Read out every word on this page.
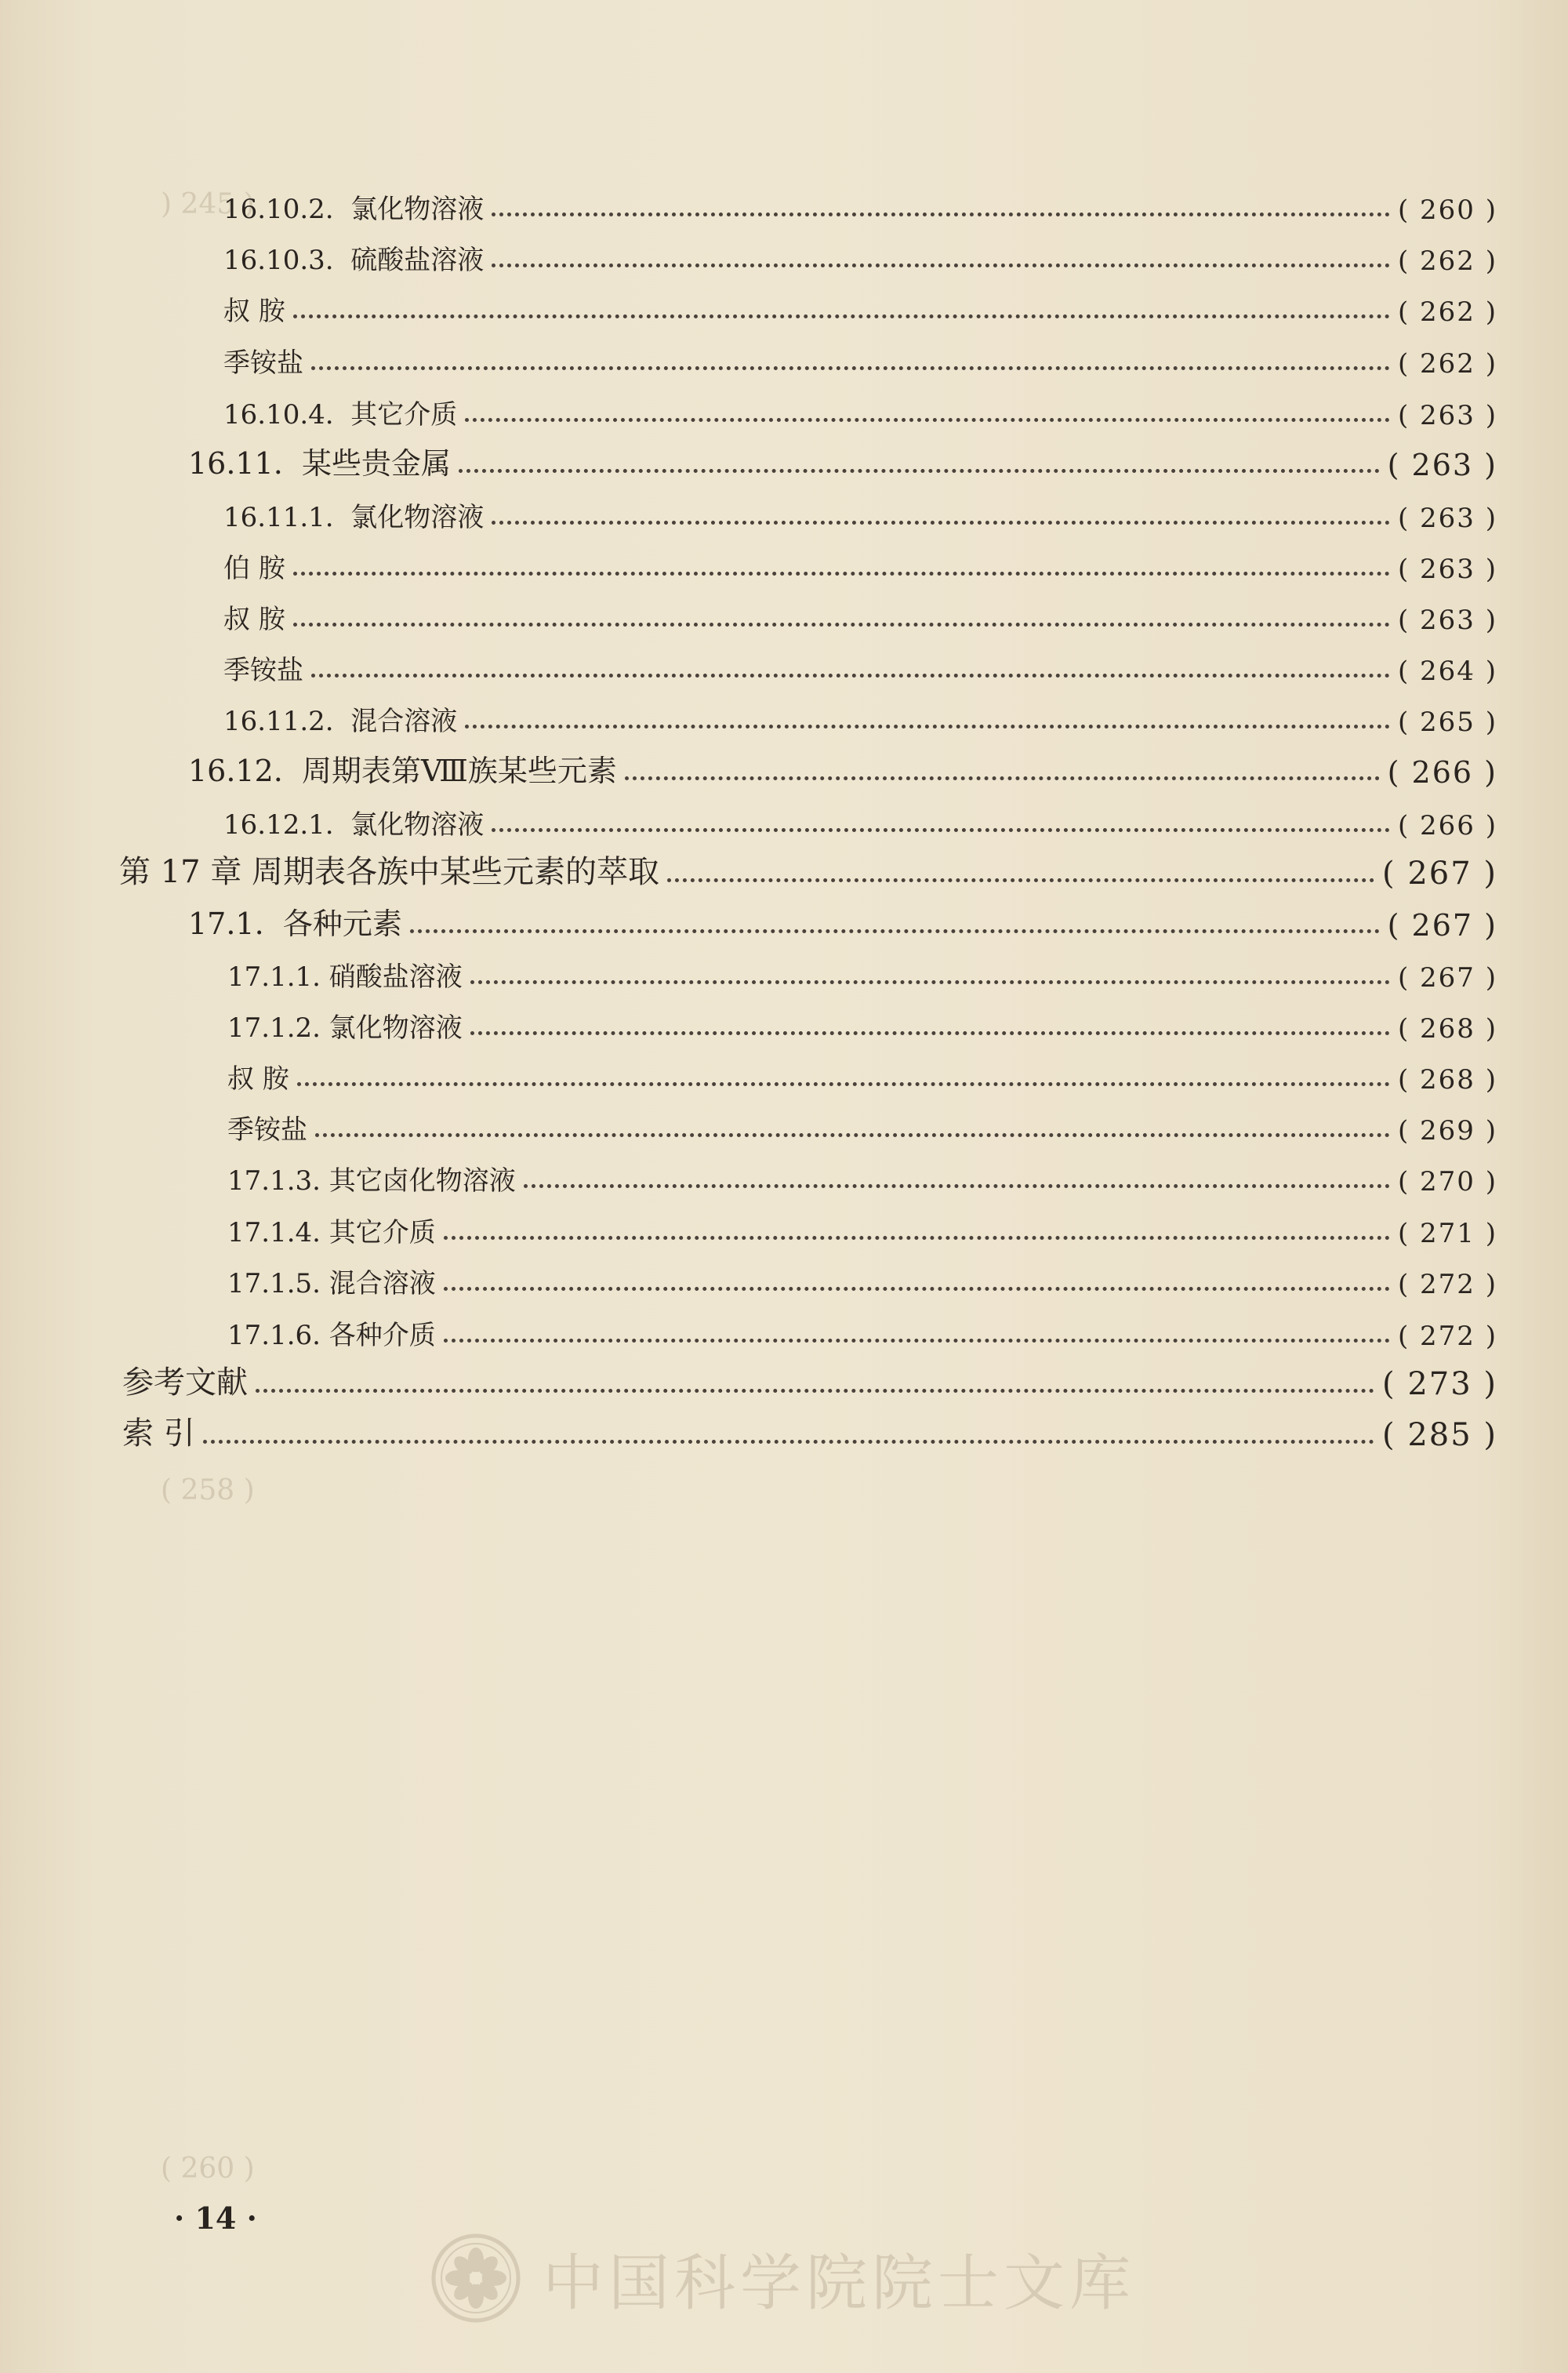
) 245 )
( 258 )
( 260 )
16.10.2. 氯化物溶液	( 260 )
16.10.3. 硫酸盐溶液	( 262 )
叔 胺	( 262 )
季铵盐	( 262 )
16.10.4. 其它介质	( 263 )
16.11. 某些贵金属	( 263 )
16.11.1. 氯化物溶液	( 263 )
伯 胺	( 263 )
叔 胺	( 263 )
季铵盐	( 264 )
16.11.2. 混合溶液	( 265 )
16.12. 周期表第Ⅷ族某些元素	( 266 )
16.12.1. 氯化物溶液	( 266 )
第 17 章 周期表各族中某些元素的萃取	( 267 )
17.1. 各种元素	( 267 )
17.1.1. 硝酸盐溶液	( 267 )
17.1.2. 氯化物溶液	( 268 )
叔 胺	( 268 )
季铵盐	( 269 )
17.1.3. 其它卤化物溶液	( 270 )
17.1.4. 其它介质	( 271 )
17.1.5. 混合溶液	( 272 )
17.1.6. 各种介质	( 272 )
参考文献	( 273 )
索 引	( 285 )
· 14 ·
中国科学院院士文库
